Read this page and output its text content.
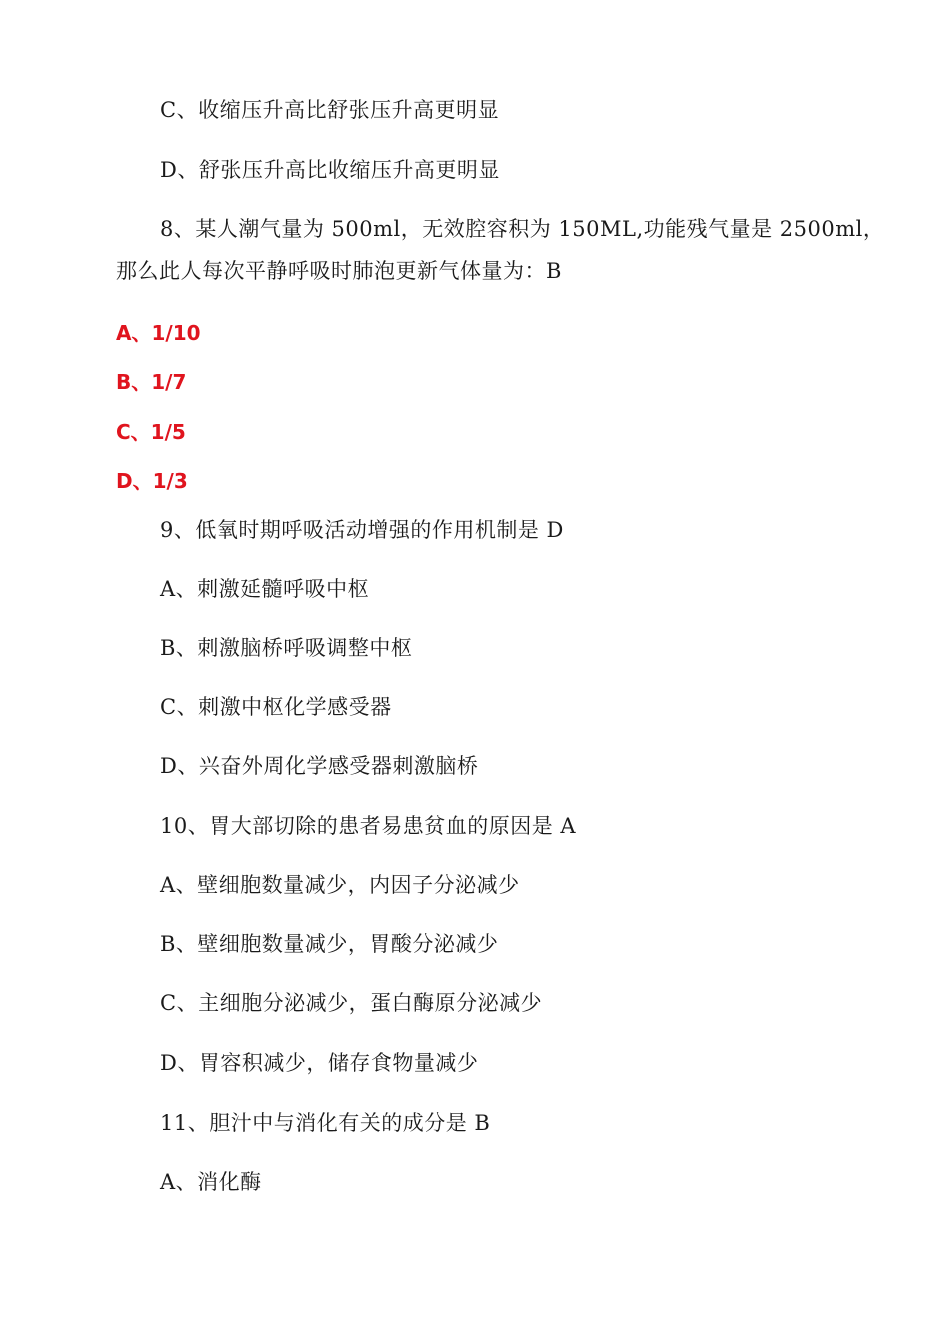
C、收缩压升高比舒张压升高更明显
D、舒张压升高比收缩压升高更明显
8、某人潮气量为 500ml，无效腔容积为 150ML,功能残气量是 2500ml，
那么此人每次平静呼吸时肺泡更新气体量为：B
A、1/10
B、1/7
C、1/5
D、1/3
9、低氧时期呼吸活动增强的作用机制是 D
A、刺激延髓呼吸中枢
B、刺激脑桥呼吸调整中枢
C、刺激中枢化学感受器
D、兴奋外周化学感受器刺激脑桥
10、胃大部切除的患者易患贫血的原因是 A
A、壁细胞数量减少，内因子分泌减少
B、壁细胞数量减少，胃酸分泌减少
C、主细胞分泌减少，蛋白酶原分泌减少
D、胃容积减少，储存食物量减少
11、胆汁中与消化有关的成分是 B
A、消化酶
